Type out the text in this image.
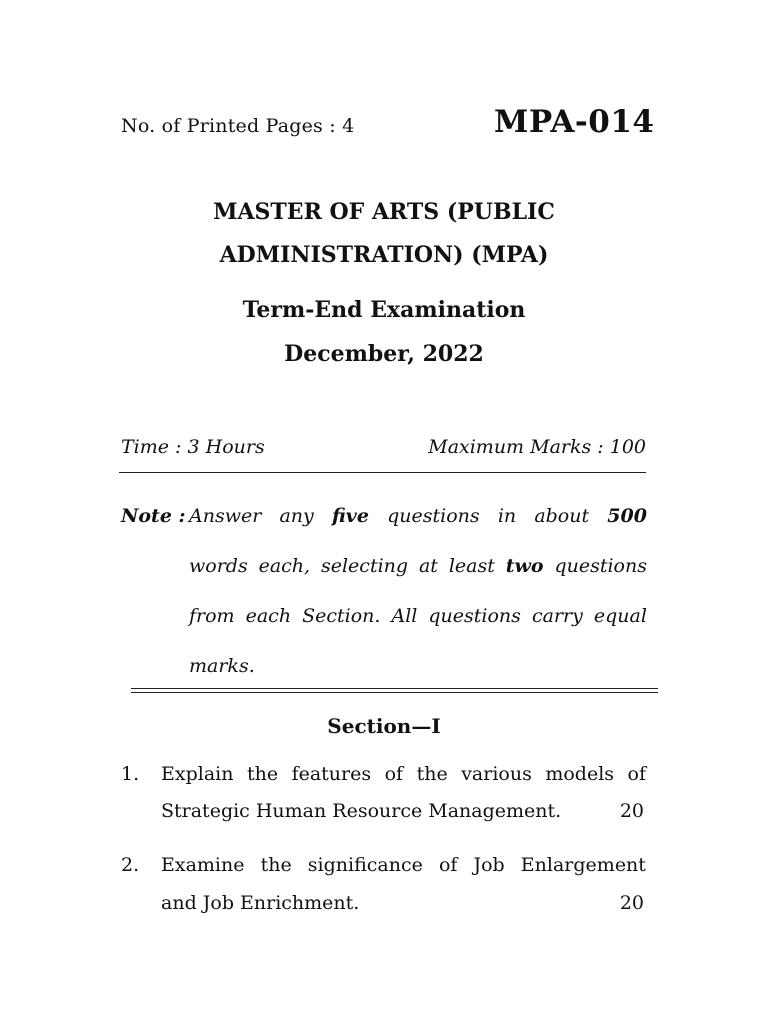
No. of Printed Pages : 4	MPA-014
MASTER OF ARTS (PUBLIC
ADMINISTRATION) (MPA)
Term-End Examination
December, 2022
Time : 3 Hours	Maximum Marks : 100
Note : Answer any five questions in about 500
words each, selecting at least two questions
from each Section. All questions carry equal
marks.
Section—I
1. Explain the features of the various models of
Strategic Human Resource Management.	20
2. Examine the significance of Job Enlargement
and Job Enrichment.	20
